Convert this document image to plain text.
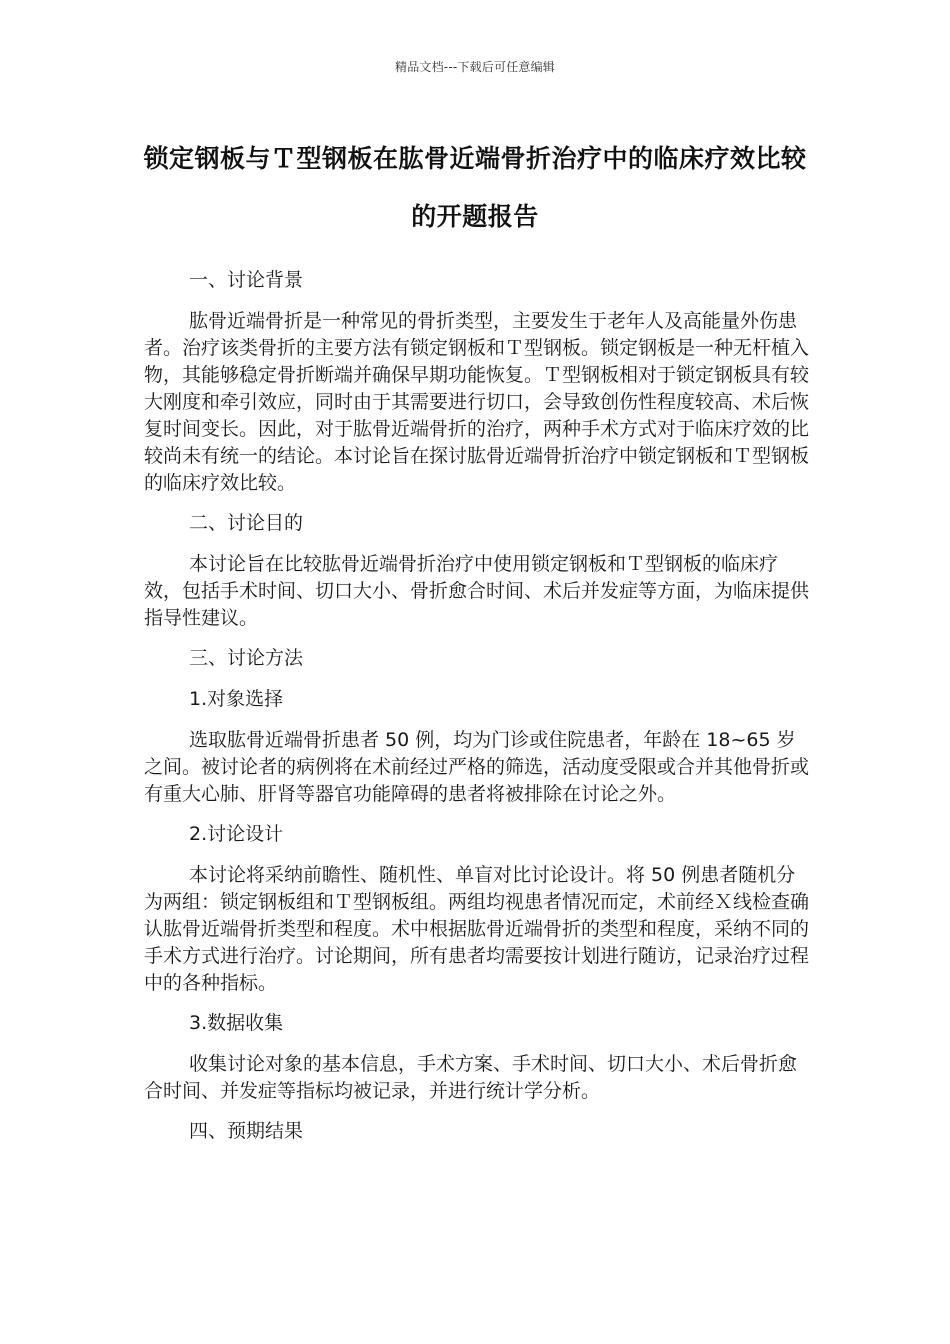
精品文档---下载后可任意编辑
锁定钢板与Ｔ型钢板在肱骨近端骨折治疗中的临床疗效比较的开题报告
一、讨论背景
肱骨近端骨折是一种常见的骨折类型，主要发生于老年人及高能量外伤患者。治疗该类骨折的主要方法有锁定钢板和Ｔ型钢板。锁定钢板是一种无杆植入物，其能够稳定骨折断端并确保早期功能恢复。Ｔ型钢板相对于锁定钢板具有较大刚度和牵引效应，同时由于其需要进行切口，会导致创伤性程度较高、术后恢复时间变长。因此，对于肱骨近端骨折的治疗，两种手术方式对于临床疗效的比较尚未有统一的结论。本讨论旨在探讨肱骨近端骨折治疗中锁定钢板和Ｔ型钢板的临床疗效比较。
二、讨论目的
本讨论旨在比较肱骨近端骨折治疗中使用锁定钢板和Ｔ型钢板的临床疗效，包括手术时间、切口大小、骨折愈合时间、术后并发症等方面，为临床提供指导性建议。
三、讨论方法
1.对象选择
选取肱骨近端骨折患者 50 例，均为门诊或住院患者，年龄在 18~65 岁之间。被讨论者的病例将在术前经过严格的筛选，活动度受限或合并其他骨折或有重大心肺、肝肾等器官功能障碍的患者将被排除在讨论之外。
2.讨论设计
本讨论将采纳前瞻性、随机性、单盲对比讨论设计。将 50 例患者随机分为两组：锁定钢板组和Ｔ型钢板组。两组均视患者情况而定，术前经Ｘ线检查确认肱骨近端骨折类型和程度。术中根据肱骨近端骨折的类型和程度，采纳不同的手术方式进行治疗。讨论期间，所有患者均需要按计划进行随访，记录治疗过程中的各种指标。
3.数据收集
收集讨论对象的基本信息，手术方案、手术时间、切口大小、术后骨折愈合时间、并发症等指标均被记录，并进行统计学分析。
四、预期结果
